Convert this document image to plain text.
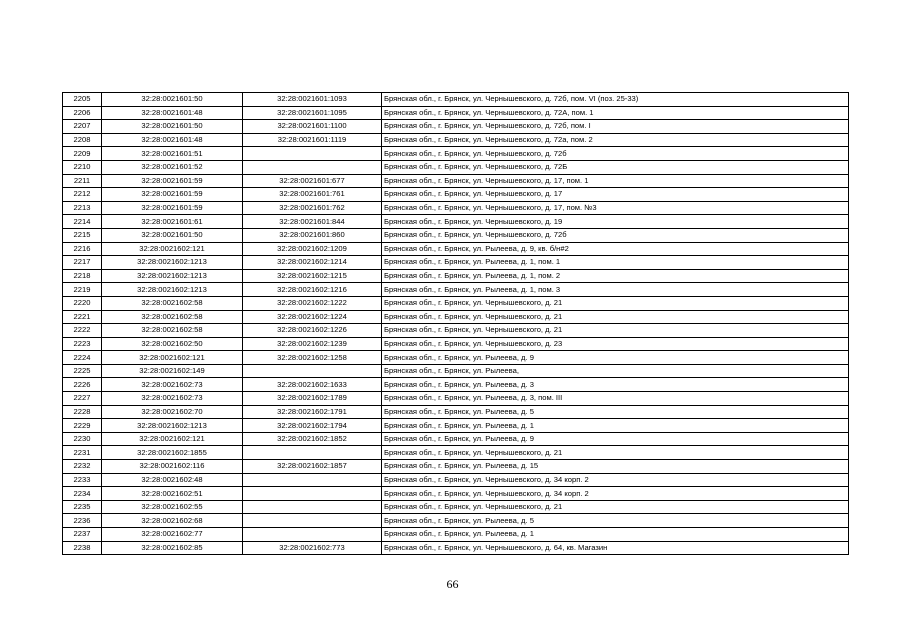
2205	32:28:0021601:50	32:28:0021601:1093	Брянская обл., г. Брянск, ул. Чернышевского, д. 72б, пом. VI (поз. 25-33)
2206	32:28:0021601:48	32:28:0021601:1095	Брянская обл., г. Брянск, ул. Чернышевского, д. 72А, пом. 1
2207	32:28:0021601:50	32:28:0021601:1100	Брянская обл., г. Брянск, ул. Чернышевского, д. 72б, пом. I
2208	32:28:0021601:48	32:28:0021601:1119	Брянская обл., г. Брянск, ул. Чернышевского, д. 72а, пом. 2
2209	32:28:0021601:51		Брянская обл., г. Брянск, ул. Чернышевского, д. 72б
2210	32:28:0021601:52		Брянская обл., г. Брянск, ул. Чернышевского, д. 72Б
2211	32:28:0021601:59	32:28:0021601:677	Брянская обл., г. Брянск, ул. Чернышевского, д. 17, пом. 1
2212	32:28:0021601:59	32:28:0021601:761	Брянская обл., г. Брянск, ул. Чернышевского, д. 17
2213	32:28:0021601:59	32:28:0021601:762	Брянская обл., г. Брянск, ул. Чернышевского, д. 17, пом. №3
2214	32:28:0021601:61	32:28:0021601:844	Брянская обл., г. Брянск, ул. Чернышевского, д. 19
2215	32:28:0021601:50	32:28:0021601:860	Брянская обл., г. Брянск, ул. Чернышевского, д. 72б
2216	32:28:0021602:121	32:28:0021602:1209	Брянская обл., г. Брянск, ул. Рылеева, д. 9, кв. б/н#2
2217	32:28:0021602:1213	32:28:0021602:1214	Брянская обл., г. Брянск, ул. Рылеева, д. 1, пом. 1
2218	32:28:0021602:1213	32:28:0021602:1215	Брянская обл., г. Брянск, ул. Рылеева, д. 1, пом. 2
2219	32:28:0021602:1213	32:28:0021602:1216	Брянская обл., г. Брянск, ул. Рылеева, д. 1, пом. 3
2220	32:28:0021602:58	32:28:0021602:1222	Брянская обл., г. Брянск, ул. Чернышевского, д. 21
2221	32:28:0021602:58	32:28:0021602:1224	Брянская обл., г. Брянск, ул. Чернышевского, д. 21
2222	32:28:0021602:58	32:28:0021602:1226	Брянская обл., г. Брянск, ул. Чернышевского, д. 21
2223	32:28:0021602:50	32:28:0021602:1239	Брянская обл., г. Брянск, ул. Чернышевского, д. 23
2224	32:28:0021602:121	32:28:0021602:1258	Брянская обл., г. Брянск, ул. Рылеева, д. 9
2225	32:28:0021602:149		Брянская обл., г. Брянск, ул. Рылеева,
2226	32:28:0021602:73	32:28:0021602:1633	Брянская обл., г. Брянск, ул. Рылеева, д. 3
2227	32:28:0021602:73	32:28:0021602:1789	Брянская обл., г. Брянск, ул. Рылеева, д. 3, пом. III
2228	32:28:0021602:70	32:28:0021602:1791	Брянская обл., г. Брянск, ул. Рылеева, д. 5
2229	32:28:0021602:1213	32:28:0021602:1794	Брянская обл., г. Брянск, ул. Рылеева, д. 1
2230	32:28:0021602:121	32:28:0021602:1852	Брянская обл., г. Брянск, ул. Рылеева, д. 9
2231	32:28:0021602:1855		Брянская обл., г. Брянск, ул. Чернышевского, д. 21
2232	32:28:0021602:116	32:28:0021602:1857	Брянская обл., г. Брянск, ул. Рылеева, д. 15
2233	32:28:0021602:48		Брянская обл., г. Брянск, ул. Чернышевского, д. 34 корп. 2
2234	32:28:0021602:51		Брянская обл., г. Брянск, ул. Чернышевского, д. 34 корп. 2
2235	32:28:0021602:55		Брянская обл., г. Брянск, ул. Чернышевского, д. 21
2236	32:28:0021602:68		Брянская обл., г. Брянск, ул. Рылеева, д. 5
2237	32:28:0021602:77		Брянская обл., г. Брянск, ул. Рылеева, д. 1
2238	32:28:0021602:85	32:28:0021602:773	Брянская обл., г. Брянск, ул. Чернышевского, д. 64, кв. Магазин
66
